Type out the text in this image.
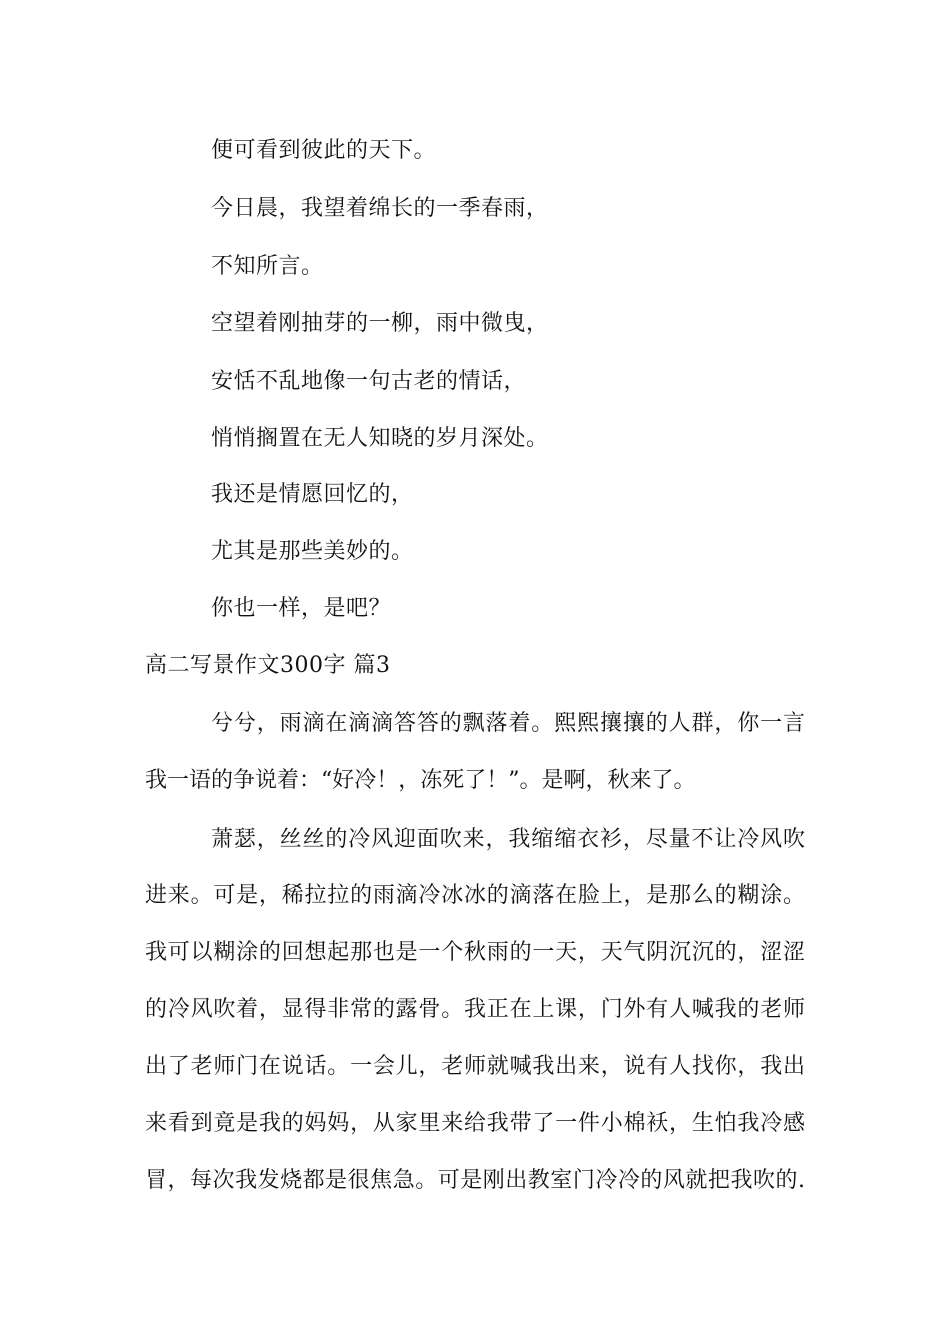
便可看到彼此的天下。
今日晨，我望着绵长的一季春雨，
不知所言。
空望着刚抽芽的一柳，雨中微曳，
安恬不乱地像一句古老的情话，
悄悄搁置在无人知晓的岁月深处。
我还是情愿回忆的，
尤其是那些美妙的。
你也一样，是吧？
高二写景作文300字 篇3
兮兮，雨滴在滴滴答答的飘落着。熙熙攘攘的人群，你一言
我一语的争说着：“好冷！，冻死了！”。是啊，秋来了。
萧瑟，丝丝的冷风迎面吹来，我缩缩衣衫，尽量不让冷风吹
进来。可是，稀拉拉的雨滴冷冰冰的滴落在脸上，是那么的糊涂。
我可以糊涂的回想起那也是一个秋雨的一天，天气阴沉沉的，涩涩
的冷风吹着，显得非常的露骨。我正在上课，门外有人喊我的老师
出了老师门在说话。一会儿，老师就喊我出来，说有人找你，我出
来看到竟是我的妈妈，从家里来给我带了一件小棉袄，生怕我冷感
冒，每次我发烧都是很焦急。可是刚出教室门冷冷的风就把我吹的.
